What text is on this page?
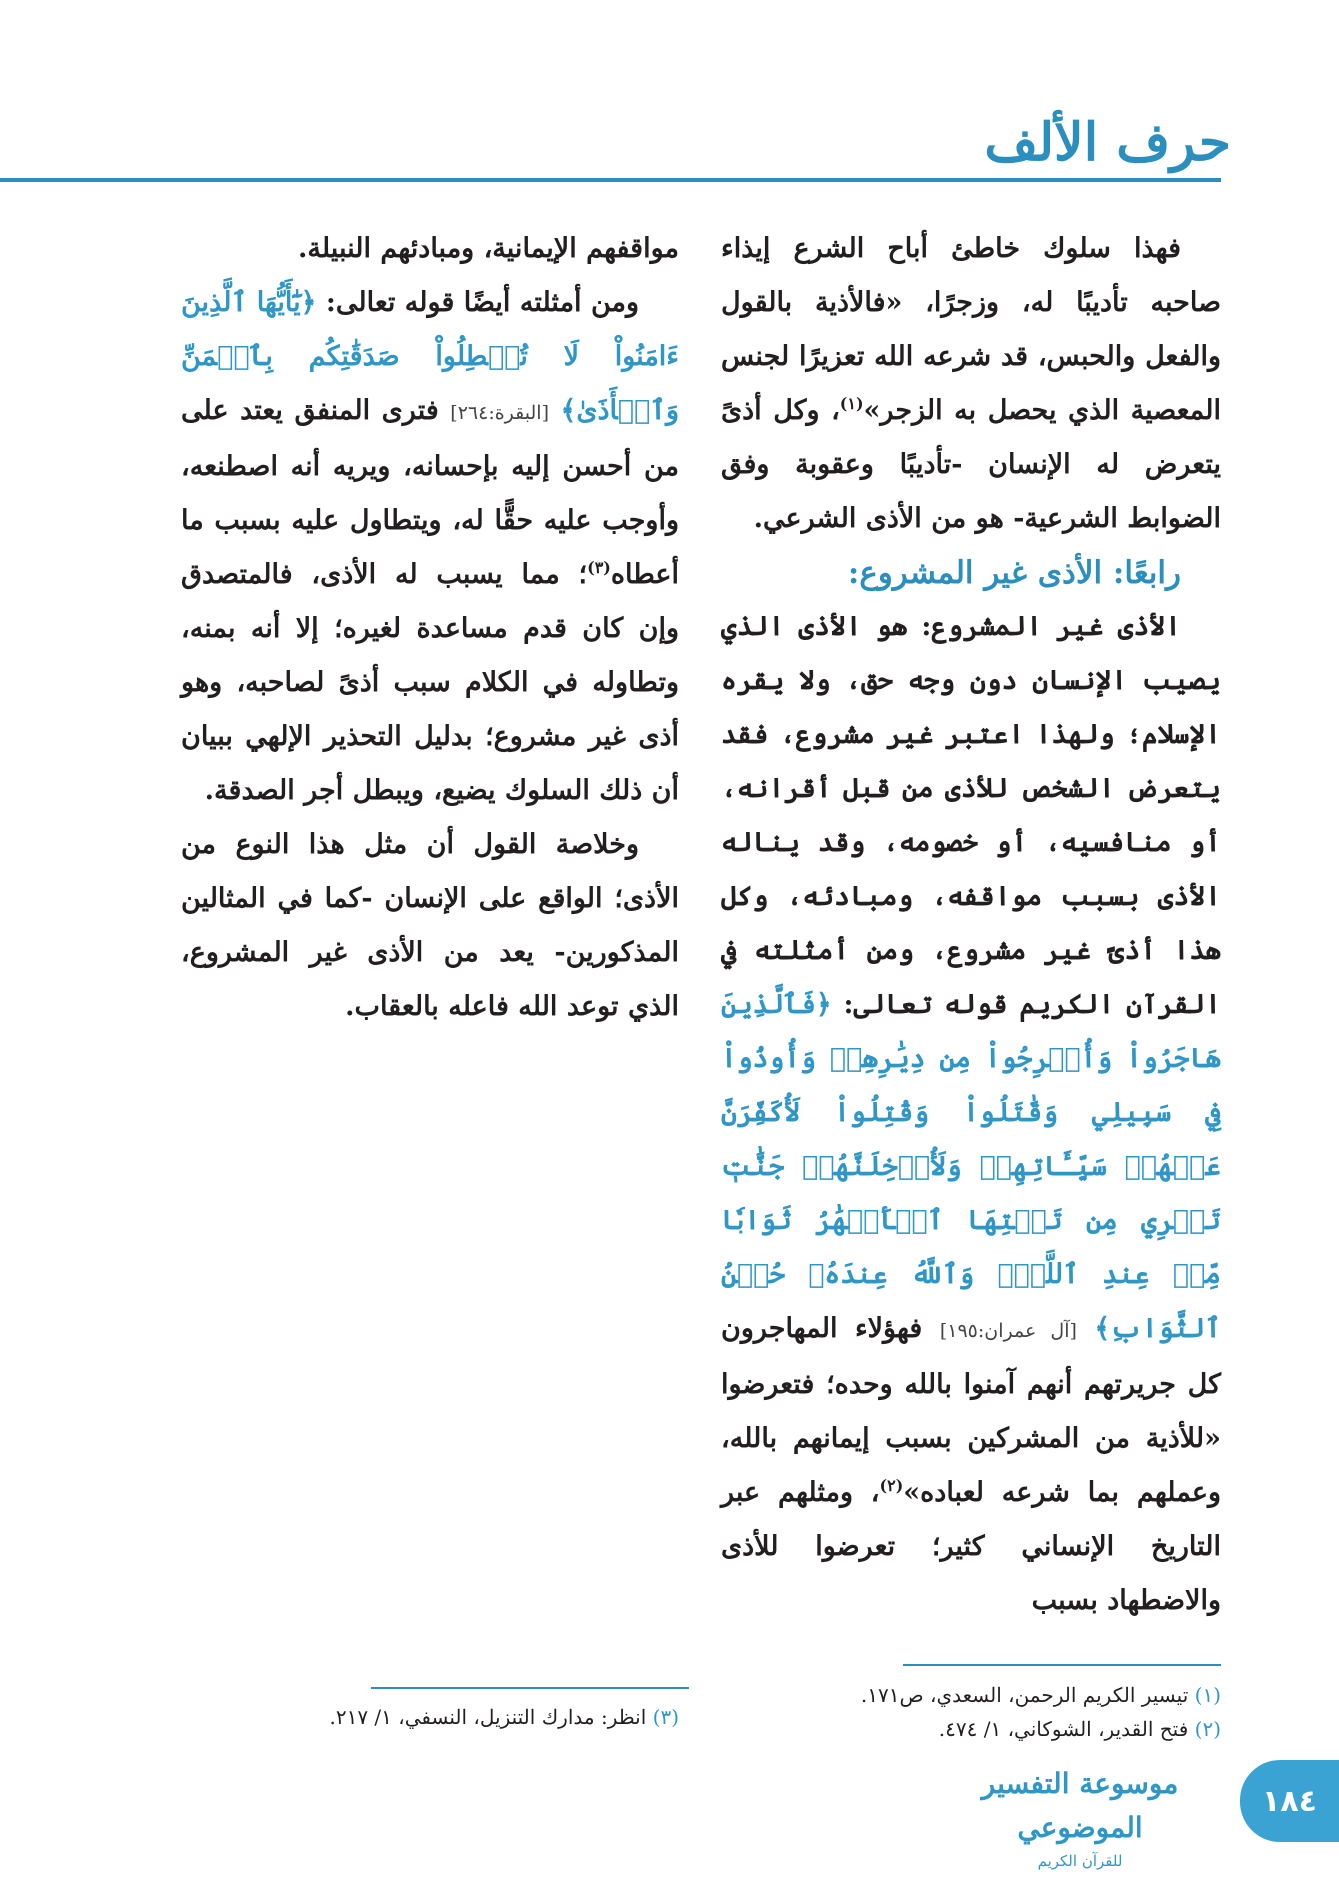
حرف الألف

فهذا سلوك خاطئ أباح الشرع إيذاء صاحبه تأديبًا له، وزجرًا، «فالأذية بالقول والفعل والحبس، قد شرعه الله تعزيرًا لجنس المعصية الذي يحصل به الزجر»$^{(١)}$، وكل أذىً يتعرض له الإنسان -تأديبًا وعقوبة وفق الضوابط الشرعية- هو من الأذى الشرعي.

رابعًا: الأذى غير المشروع:

الأذى غير المشروع: هو الأذى الذي يصيب الإنسان دون وجه حق، ولا يقره الإسلام؛ ولهذا اعتبر غير مشروع، فقد يتعرض الشخص للأذى من قبل أقرانه، أو منافسيه، أو خصومه، وقد يناله الأذى بسبب مواقفه، ومبادئه، وكل هذا أذىً غير مشروع، ومن أمثلته في القرآن الكريم قوله تعالى: ﴿فَٱلَّذِينَ هَاجَرُواْ وَأُخۡرِجُواْ مِن دِيَٰرِهِمۡ وَأُوذُواْ فِي سَبِيلِي وَقَٰتَلُواْ وَقُتِلُواْ لَأُكَفِّرَنَّ عَنۡهُمۡ سَيِّـَٔاتِهِمۡ وَلَأُدۡخِلَنَّهُمۡ جَنَّٰتٖ تَجۡرِي مِن تَحۡتِهَا ٱلۡأَنۡهَٰرُ ثَوَابٗا مِّنۡ عِندِ ٱللَّهِۚ وَٱللَّهُ عِندَهُۥ حُسۡنُ ٱلثَّوَابِ﴾ [آل عمران:١٩٥] فهؤلاء المهاجرون كل جريرتهم أنهم آمنوا بالله وحده؛ فتعرضوا «للأذية من المشركين بسبب إيمانهم بالله، وعملهم بما شرعه لعباده»$^{(٢)}$، ومثلهم عبر التاريخ الإنساني كثير؛ تعرضوا للأذى والاضطهاد بسبب

مواقفهم الإيمانية، ومبادئهم النبيلة.

ومن أمثلته أيضًا قوله تعالى: ﴿يَٰٓأَيُّهَا ٱلَّذِينَ ءَامَنُواْ لَا تُبۡطِلُواْ صَدَقَٰتِكُم بِٱلۡمَنِّ وَٱلۡأَذَىٰ﴾ [البقرة:٢٦٤] فترى المنفق يعتد على من أحسن إليه بإحسانه، ويريه أنه اصطنعه، وأوجب عليه حقًّا له، ويتطاول عليه بسبب ما أعطاه$^{(٣)}$؛ مما يسبب له الأذى، فالمتصدق وإن كان قدم مساعدة لغيره؛ إلا أنه بمنه، وتطاوله في الكلام سبب أذىً لصاحبه، وهو أذى غير مشروع؛ بدليل التحذير الإلهي ببيان أن ذلك السلوك يضيع، ويبطل أجر الصدقة.

وخلاصة القول أن مثل هذا النوع من الأذى؛ الواقع على الإنسان -كما في المثالين المذكورين- يعد من الأذى غير المشروع، الذي توعد الله فاعله بالعقاب.

(١) تيسير الكريم الرحمن، السعدي، ص١٧١.
(٢) فتح القدير، الشوكاني، ١/ ٤٧٤.
(٣) انظر: مدارك التنزيل، النسفي، ١/ ٢١٧.
١٨٤
موسوعة التفسير الموضوعي
للقرآن الكريم
